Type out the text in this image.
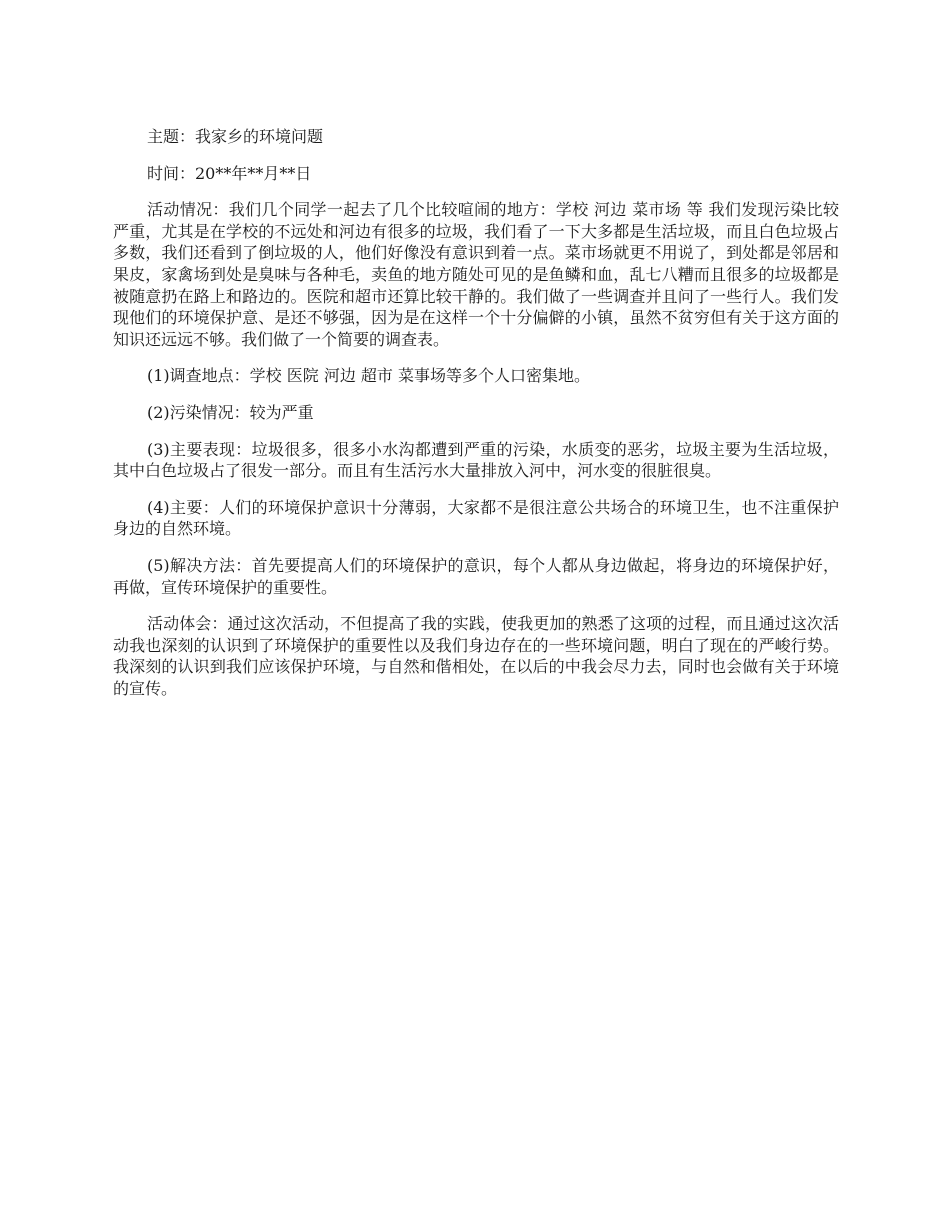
主题：我家乡的环境问题

时间：20**年**月**日

活动情况：我们几个同学一起去了几个比较喧闹的地方：学校 河边 菜市场 等 我们发现污染比较严重，尤其是在学校的不远处和河边有很多的垃圾，我们看了一下大多都是生活垃圾，而且白色垃圾占多数，我们还看到了倒垃圾的人，他们好像没有意识到着一点。菜市场就更不用说了，到处都是邻居和果皮，家禽场到处是臭味与各种毛，卖鱼的地方随处可见的是鱼鳞和血，乱七八糟而且很多的垃圾都是被随意扔在路上和路边的。医院和超市还算比较干静的。我们做了一些调查并且问了一些行人。我们发现他们的环境保护意、是还不够强，因为是在这样一个十分偏僻的小镇，虽然不贫穷但有关于这方面的知识还远远不够。我们做了一个简要的调查表。

(1)调查地点：学校 医院 河边 超市 菜事场等多个人口密集地。

(2)污染情况：较为严重

(3)主要表现：垃圾很多，很多小水沟都遭到严重的污染，水质变的恶劣，垃圾主要为生活垃圾，其中白色垃圾占了很发一部分。而且有生活污水大量排放入河中，河水变的很脏很臭。

(4)主要：人们的环境保护意识十分薄弱，大家都不是很注意公共场合的环境卫生，也不注重保护身边的自然环境。

(5)解决方法：首先要提高人们的环境保护的意识，每个人都从身边做起，将身边的环境保护好，再做，宣传环境保护的重要性。

活动体会：通过这次活动，不但提高了我的实践，使我更加的熟悉了这项的过程，而且通过这次活动我也深刻的认识到了环境保护的重要性以及我们身边存在的一些环境问题，明白了现在的严峻行势。我深刻的认识到我们应该保护环境，与自然和偕相处，在以后的中我会尽力去，同时也会做有关于环境的宣传。
